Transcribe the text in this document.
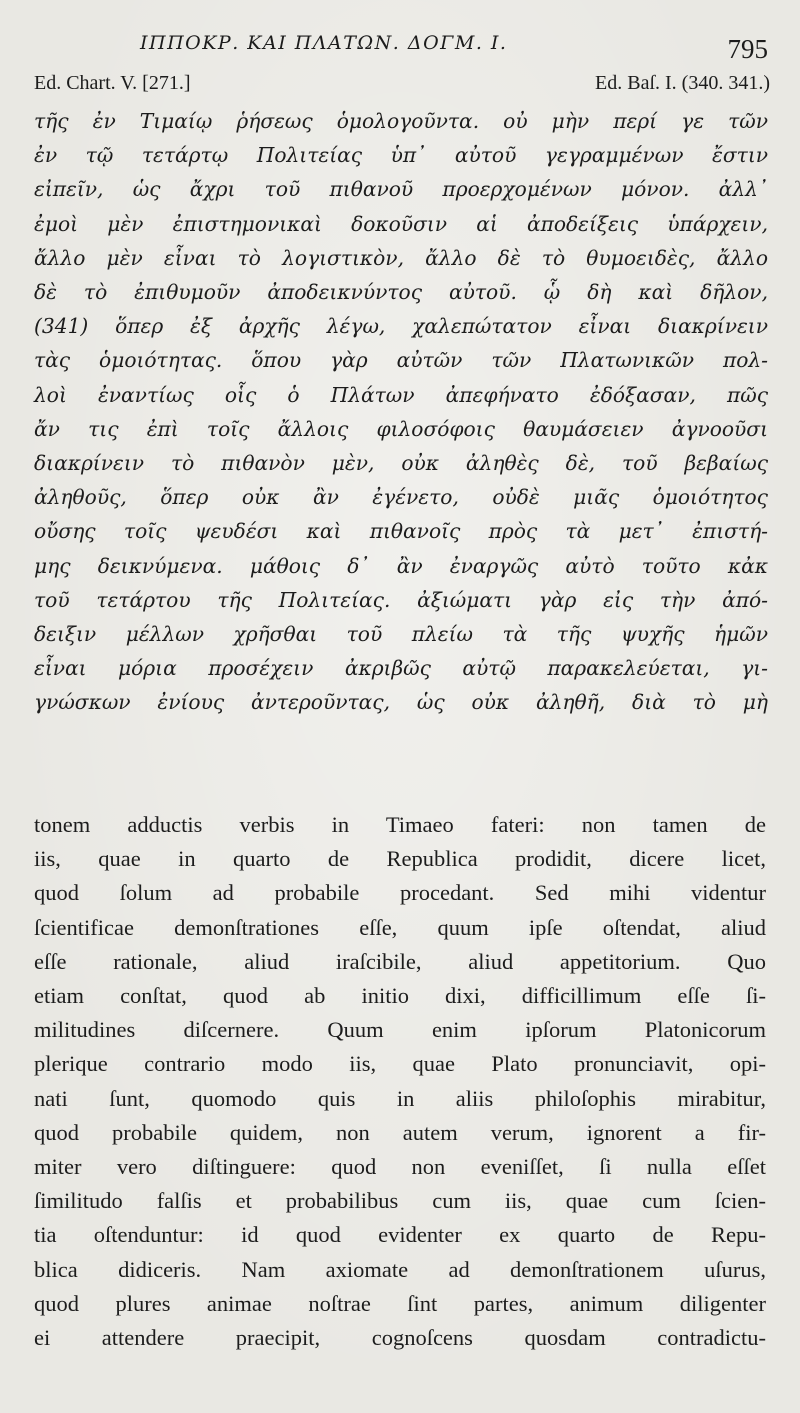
ΙΠΠΟΚΡ. ΚΑΙ ΠΛΑΤΩΝ. ΔΟΓΜ. Ι.	795
Ed. Chart. V. [271.]	Ed. Baſ. I. (340. 341.)
τῆς ἐν Τιμαίῳ ῥήσεως ὁμολογοῦντα. οὐ μὴν περί γε τῶν
ἐν τῷ τετάρτῳ Πολιτείας ὑπ᾽ αὐτοῦ γεγραμμένων ἔστιν
εἰπεῖν, ὡς ἄχρι τοῦ πιθανοῦ προερχομένων μόνον. ἀλλ᾽
ἐμοὶ μὲν ἐπιστημονικαὶ δοκοῦσιν αἱ ἀποδείξεις ὑπάρχειν,
ἄλλο μὲν εἶναι τὸ λογιστικὸν, ἄλλο δὲ τὸ θυμοειδὲς, ἄλλο
δὲ τὸ ἐπιθυμοῦν ἀποδεικνύντος αὐτοῦ. ᾧ δὴ καὶ δῆλον,
(341) ὅπερ ἐξ ἀρχῆς λέγω, χαλεπώτατον εἶναι διακρίνειν
τὰς ὁμοιότητας. ὅπου γὰρ αὐτῶν τῶν Πλατωνικῶν πολ-
λοὶ ἐναντίως οἷς ὁ Πλάτων ἀπεφήνατο ἐδόξασαν, πῶς
ἄν τις ἐπὶ τοῖς ἄλλοις φιλοσόφοις θαυμάσειεν ἀγνοοῦσι
διακρίνειν τὸ πιθανὸν μὲν, οὐκ ἀληθὲς δὲ, τοῦ βεβαίως
ἀληθοῦς, ὅπερ οὐκ ἂν ἐγένετο, οὐδὲ μιᾶς ὁμοιότητος
οὔσης τοῖς ψευδέσι καὶ πιθανοῖς πρὸς τὰ μετ᾽ ἐπιστή-
μης δεικνύμενα. μάθοις δ᾽ ἂν ἐναργῶς αὐτὸ τοῦτο κἀκ
τοῦ τετάρτου τῆς Πολιτείας. ἀξιώματι γὰρ εἰς τὴν ἀπό-
δειξιν μέλλων χρῆσθαι τοῦ πλείω τὰ τῆς ψυχῆς ἡμῶν
εἶναι μόρια προσέχειν ἀκριβῶς αὐτῷ παρακελεύεται, γι-
γνώσκων ἐνίους ἀντεροῦντας, ὡς οὐκ ἀληθῆ, διὰ τὸ μὴ
tonem adductis verbis in Timaeo fateri: non tamen de
iis, quae in quarto de Republica prodidit, dicere licet,
quod ſolum ad probabile procedant. Sed mihi videntur
ſcientificae demonſtrationes eſſe, quum ipſe oſtendat, aliud
eſſe rationale, aliud iraſcibile, aliud appetitorium. Quo
etiam conſtat, quod ab initio dixi, difficillimum eſſe ſi-
militudines diſcernere. Quum enim ipſorum Platonicorum
plerique contrario modo iis, quae Plato pronunciavit, opi-
nati ſunt, quomodo quis in aliis philoſophis mirabitur,
quod probabile quidem, non autem verum, ignorent a fir-
miter vero diſtinguere: quod non eveniſſet, ſi nulla eſſet
ſimilitudo falſis et probabilibus cum iis, quae cum ſcien-
tia oſtenduntur: id quod evidenter ex quarto de Repu-
blica didiceris. Nam axiomate ad demonſtrationem uſurus,
quod plures animae noſtrae ſint partes, animum diligenter
ei attendere praecipit, cognoſcens quosdam contradictu-
